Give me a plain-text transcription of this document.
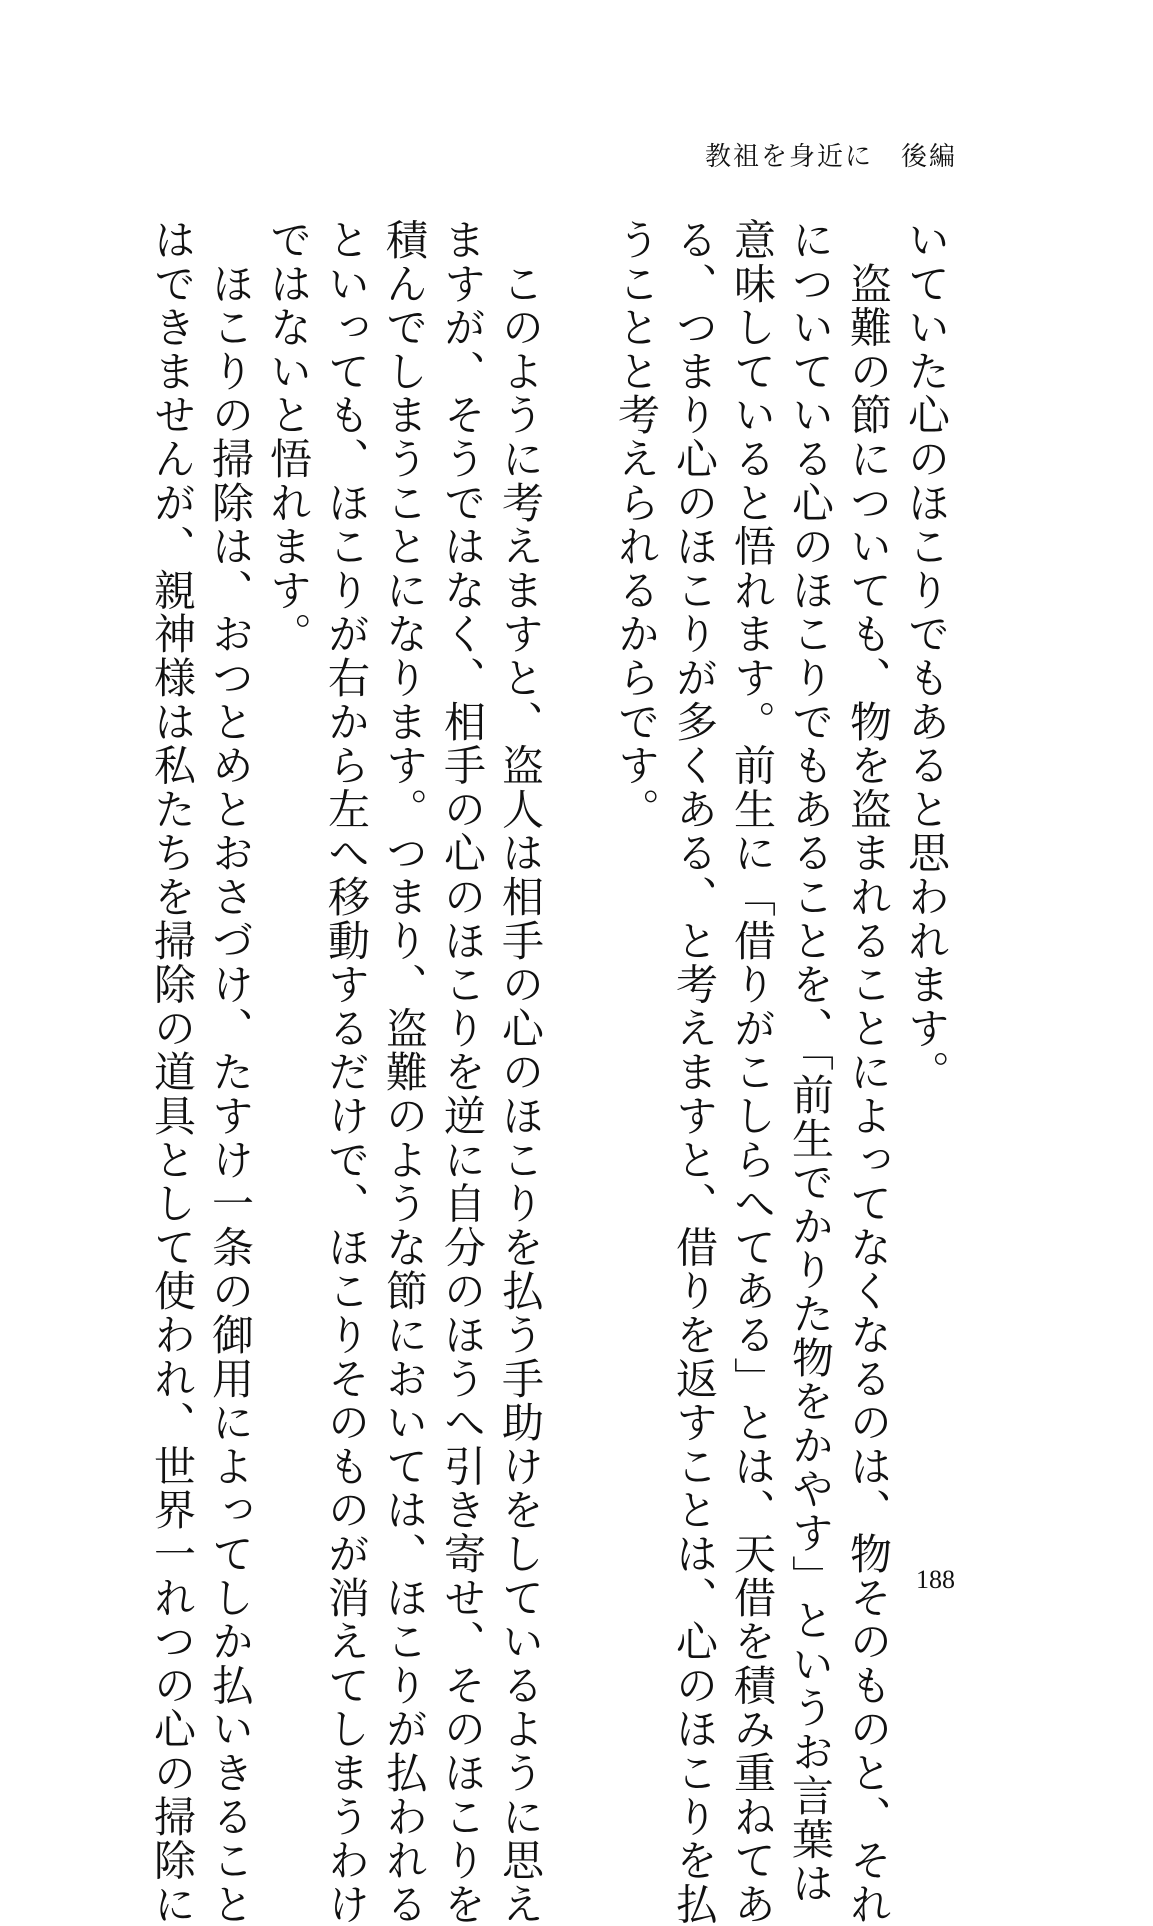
教祖を身近に　後編
いていた心のほこりでもあると思われます。
　盗難の節についても、物を盗まれることによってなくなるのは、物そのものと、それ
についている心のほこりでもあることを、「前生でかりた物をかやす」というお言葉は
意味していると悟れます。前生に「借りがこしらへてある」とは、天借を積み重ねてあ
る、つまり心のほこりが多くある、と考えますと、借りを返すことは、心のほこりを払
うことと考えられるからです。
　このように考えますと、盗人は相手の心のほこりを払う手助けをしているように思え
ますが、そうではなく、相手の心のほこりを逆に自分のほうへ引き寄せ、そのほこりを
積んでしまうことになります。つまり、盗難のような節においては、ほこりが払われる
といっても、ほこりが右から左へ移動するだけで、ほこりそのものが消えてしまうわけ
ではないと悟れます。
　ほこりの掃除は、おつとめとおさづけ、たすけ一条の御用によってしか払いきること
はできませんが、親神様は私たちを掃除の道具として使われ、世界一れつの心の掃除に	188
